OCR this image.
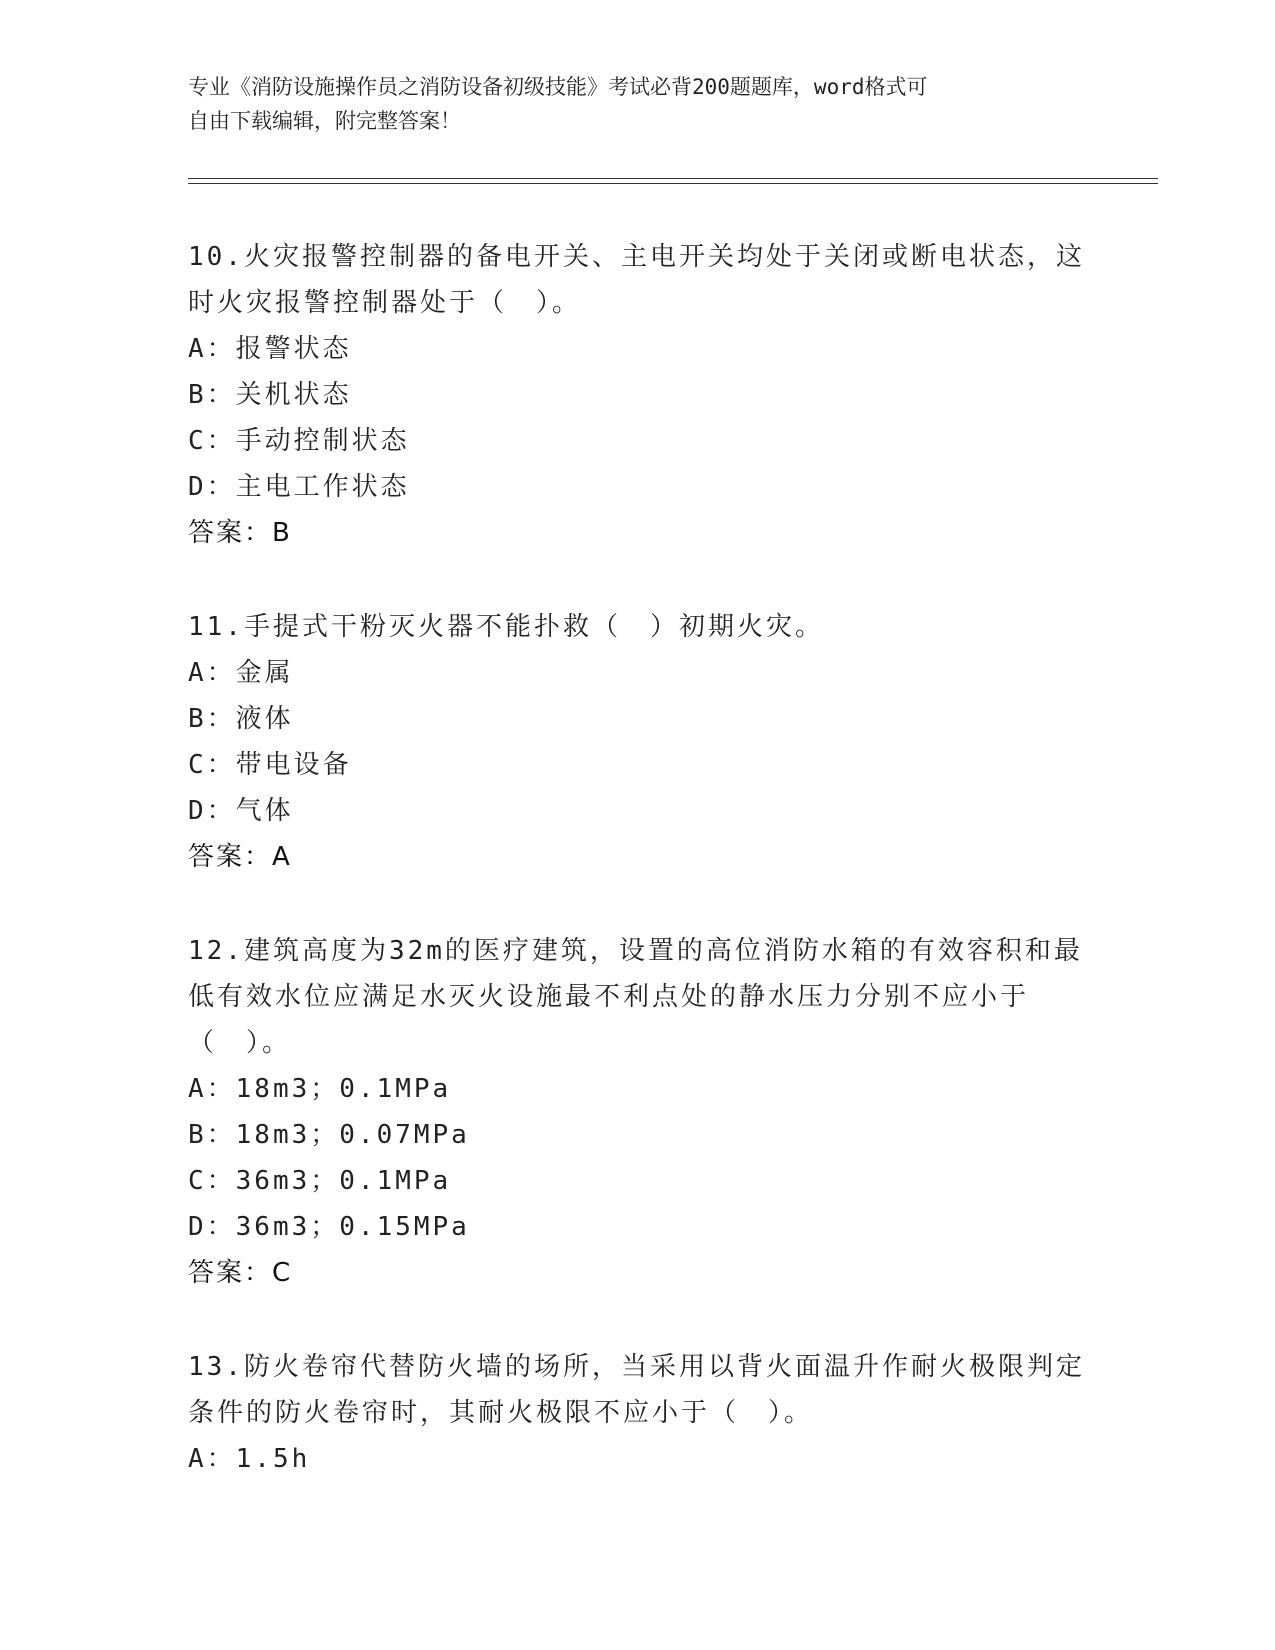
专业《消防设施操作员之消防设备初级技能》考试必背200题题库，word格式可
自由下载编辑，附完整答案！
10.火灾报警控制器的备电开关、主电开关均处于关闭或断电状态，这时火灾报警控制器处于（　）。
A：报警状态
B：关机状态
C：手动控制状态
D：主电工作状态
答案：B
11.手提式干粉灭火器不能扑救（　）初期火灾。
A：金属
B：液体
C：带电设备
D：气体
答案：A
12.建筑高度为32m的医疗建筑，设置的高位消防水箱的有效容积和最低有效水位应满足水灭火设施最不利点处的静水压力分别不应小于（　）。
A：18m3；0.1MPa
B：18m3；0.07MPa
C：36m3；0.1MPa
D：36m3；0.15MPa
答案：C
13.防火卷帘代替防火墙的场所，当采用以背火面温升作耐火极限判定条件的防火卷帘时，其耐火极限不应小于（　）。
A：1.5h
